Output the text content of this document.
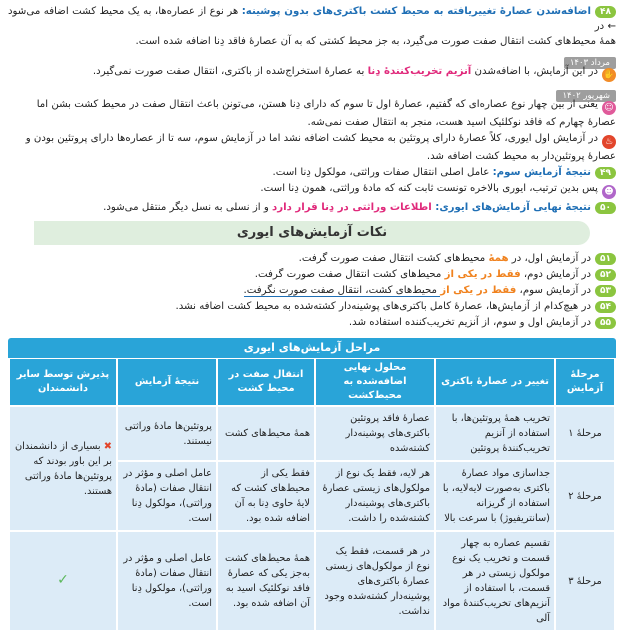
۴۸اضافه‌شدن عصارهٔ تغییریافته به محیط کشت باکتری‌های بدون پوشینه: هر نوع از عصاره‌ها، به یک محیط کشت اضافه می‌شود ← در
همهٔ محیط‌های کشت انتقال صفت صورت می‌گیرد، به جز محیط کشتی که به آن عصارهٔ فاقد دِنا اضافه شده است.
مرداد ۱۴۰۳
✋در این آزمایش، با اضافه‌شدن آنزیم تخریب‌کنندهٔ دِنا به عصارهٔ استخراج‌شده از باکتری، انتقال صفت صورت نمی‌گیرد.
شهریور ۱۴۰۲
☺یعنی از بین چهار نوع عصاره‌ای که گفتیم، عصارهٔ اول تا سوم که دارای دِنا هستن، می‌تونن باعث انتقال صفت در محیط کشت بشن اما
عصارهٔ چهارم که فاقد نوکلئیک اسید هست، منجر به انتقال صفت نمی‌شه.
♨در آزمایش اول ایوری، کلاً عصارهٔ دارای پروتئین به محیط کشت اضافه نشد اما در آزمایش سوم، سه تا از عصاره‌ها دارای پروتئین بودن و
عصارهٔ پروتئین‌دار به محیط کشت اضافه شد.
۴۹نتیجهٔ آزمایش سوم: عامل اصلی انتقال صفات وراثتی، مولکول دِنا است.
☻پس بدین ترتیب، ایوری بالاخره تونست ثابت کنه که مادهٔ وراثتی، همون دِنا است.
۵۰نتیجهٔ نهایی آزمایش‌های ایوری: اطلاعات وراثتی در دِنا قرار دارد و از نسلی به نسل دیگر منتقل می‌شود.
نکات آزمایش‌های ایوری
۵۱در آزمایش اول، در همهٔ محیط‌های کشت انتقال صفت صورت گرفت.
۵۲در آزمایش دوم، فقط در یکی از محیط‌های کشت انتقال صفت صورت گرفت.
۵۳در آزمایش سوم، فقط در یکی از محیط‌های کشت، انتقال صفت صورت نگرفت.
۵۴در هیچ‌کدام از آزمایش‌ها، عصارهٔ کامل باکتری‌های پوشینه‌دار کشته‌شده به محیط کشت اضافه نشد.
۵۵در آزمایش اول و سوم، از آنزیم تخریب‌کننده استفاده شد.
مراحل آزمایش‌های ایوری
مرحلهٔ آزمایش	تغییر در عصارهٔ باکتری	محلول نهایی اضافه‌شده به محیط‌کشت	انتقال صفت در محیط کشت	نتیجهٔ آزمایش	پذیرش توسط سایر دانشمندان
مرحلهٔ ۱	تخریب همهٔ پروتئین‌ها، با استفاده از آنزیم تخریب‌کنندهٔ پروتئین	عصارهٔ فاقد پروتئین باکتری‌های پوشینه‌دار کشته‌شده	همهٔ محیط‌های کشت	پروتئین‌ها مادهٔ وراثتی نیستند.	✖ بسیاری از دانشمندان بر این باور بودند که پروتئین‌ها مادهٔ وراثتی هستند.
مرحلهٔ ۲	جداسازی مواد عصارهٔ باکتری به‌صورت لایه‌لایه، با استفاده از گریزانه (سانتریفیوژ) با سرعت بالا	هر لایه، فقط یک نوع از مولکول‌های زیستی عصارهٔ باکتری‌های پوشینه‌دار کشته‌شده را داشت.	فقط یکی از محیط‌های کشت که لایهٔ حاوی دِنا به آن اضافه شده بود.	عامل اصلی و مؤثر در انتقال صفات (مادهٔ وراثتی)، مولکول دِنا است.	
مرحلهٔ ۳	تقسیم عصاره به چهار قسمت و تخریب یک نوع مولکول زیستی در هر قسمت، با استفاده از آنزیم‌های تخریب‌کنندهٔ مواد آلی	در هر قسمت، فقط یک نوع از مولکول‌های زیستی عصارهٔ باکتری‌های پوشینه‌دار کشته‌شده وجود نداشت.	همهٔ محیط‌های کشت به‌جز یکی که عصارهٔ فاقد نوکلئیک اسید به آن اضافه شده بود.	عامل اصلی و مؤثر در انتقال صفات (مادهٔ وراثتی)، مولکول دِنا است.	✓
